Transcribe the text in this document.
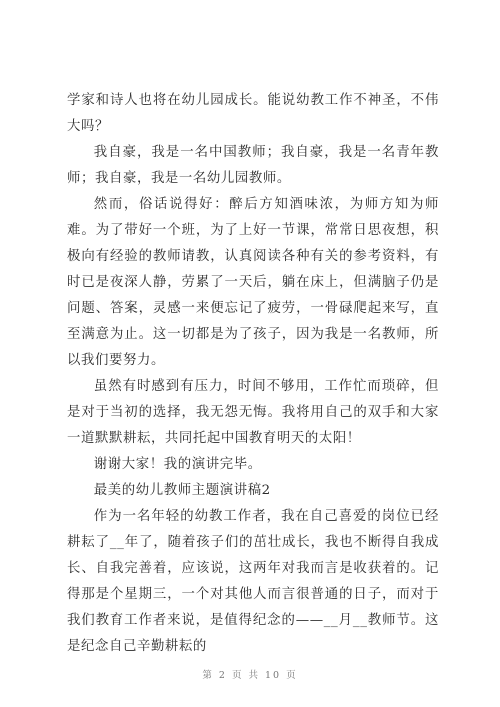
学家和诗人也将在幼儿园成长。能说幼教工作不神圣，不伟大吗？

我自豪，我是一名中国教师；我自豪，我是一名青年教师；我自豪，我是一名幼儿园教师。

然而，俗话说得好：醉后方知酒味浓，为师方知为师难。为了带好一个班，为了上好一节课，常常日思夜想，积极向有经验的教师请教，认真阅读各种有关的参考资料，有时已是夜深人静，劳累了一天后，躺在床上，但满脑子仍是问题、答案，灵感一来便忘记了疲劳，一骨碌爬起来写，直至满意为止。这一切都是为了孩子，因为我是一名教师，所以我们要努力。

虽然有时感到有压力，时间不够用，工作忙而琐碎，但是对于当初的选择，我无怨无悔。我将用自己的双手和大家一道默默耕耘，共同托起中国教育明天的太阳！

谢谢大家！我的演讲完毕。

最美的幼儿教师主题演讲稿2

作为一名年轻的幼教工作者，我在自己喜爱的岗位已经耕耘了__年了，随着孩子们的茁壮成长，我也不断得自我成长、自我完善着，应该说，这两年对我而言是收获着的。记得那是个星期三，一个对其他人而言很普通的日子，而对于我们教育工作者来说，是值得纪念的——__月__教师节。这是纪念自己辛勤耕耘的

第 2 页 共 10 页
